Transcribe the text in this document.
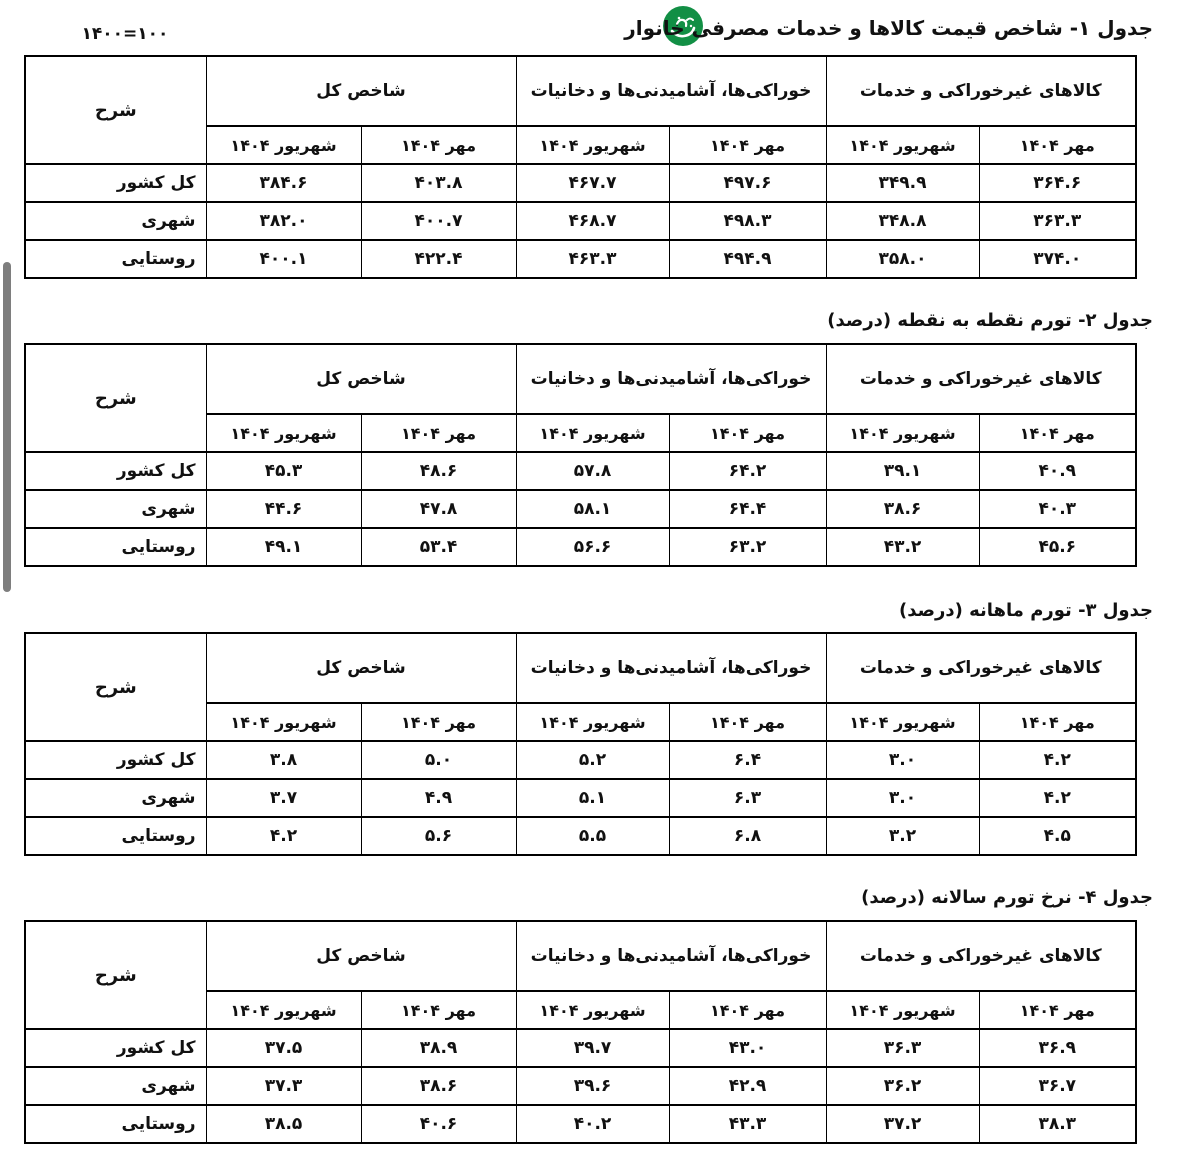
۱۴۰۰=۱۰۰	جدول ۱- شاخص قیمت کالاها و خدمات مصرفی خانوار
کالاهای غیرخوراکی و خدمات		خوراکی‌ها، آشامیدنی‌ها و دخانیات		شاخص کل		شرح
مهر ۱۴۰۴	شهریور ۱۴۰۴	مهر ۱۴۰۴	شهریور ۱۴۰۴	مهر ۱۴۰۴	شهریور ۱۴۰۴	
۳۶۴.۶	۳۴۹.۹	۴۹۷.۶	۴۶۷.۷	۴۰۳.۸	۳۸۴.۶	کل کشور
۳۶۳.۳	۳۴۸.۸	۴۹۸.۳	۴۶۸.۷	۴۰۰.۷	۳۸۲.۰	شهری
۳۷۴.۰	۳۵۸.۰	۴۹۴.۹	۴۶۳.۳	۴۲۲.۴	۴۰۰.۱	روستایی
جدول ۲- تورم نقطه به نقطه (درصد)
کالاهای غیرخوراکی و خدمات		خوراکی‌ها، آشامیدنی‌ها و دخانیات		شاخص کل		شرح
مهر ۱۴۰۴	شهریور ۱۴۰۴	مهر ۱۴۰۴	شهریور ۱۴۰۴	مهر ۱۴۰۴	شهریور ۱۴۰۴	
۴۰.۹	۳۹.۱	۶۴.۲	۵۷.۸	۴۸.۶	۴۵.۳	کل کشور
۴۰.۳	۳۸.۶	۶۴.۴	۵۸.۱	۴۷.۸	۴۴.۶	شهری
۴۵.۶	۴۳.۲	۶۳.۲	۵۶.۶	۵۳.۴	۴۹.۱	روستایی
جدول ۳- تورم ماهانه (درصد)
کالاهای غیرخوراکی و خدمات		خوراکی‌ها، آشامیدنی‌ها و دخانیات		شاخص کل		شرح
مهر ۱۴۰۴	شهریور ۱۴۰۴	مهر ۱۴۰۴	شهریور ۱۴۰۴	مهر ۱۴۰۴	شهریور ۱۴۰۴	
۴.۲	۳.۰	۶.۴	۵.۲	۵.۰	۳.۸	کل کشور
۴.۲	۳.۰	۶.۳	۵.۱	۴.۹	۳.۷	شهری
۴.۵	۳.۲	۶.۸	۵.۵	۵.۶	۴.۲	روستایی
جدول ۴- نرخ تورم سالانه (درصد)
کالاهای غیرخوراکی و خدمات		خوراکی‌ها، آشامیدنی‌ها و دخانیات		شاخص کل		شرح
مهر ۱۴۰۴	شهریور ۱۴۰۴	مهر ۱۴۰۴	شهریور ۱۴۰۴	مهر ۱۴۰۴	شهریور ۱۴۰۴	
۳۶.۹	۳۶.۳	۴۳.۰	۳۹.۷	۳۸.۹	۳۷.۵	کل کشور
۳۶.۷	۳۶.۲	۴۲.۹	۳۹.۶	۳۸.۶	۳۷.۳	شهری
۳۸.۳	۳۷.۲	۴۳.۳	۴۰.۲	۴۰.۶	۳۸.۵	روستایی
